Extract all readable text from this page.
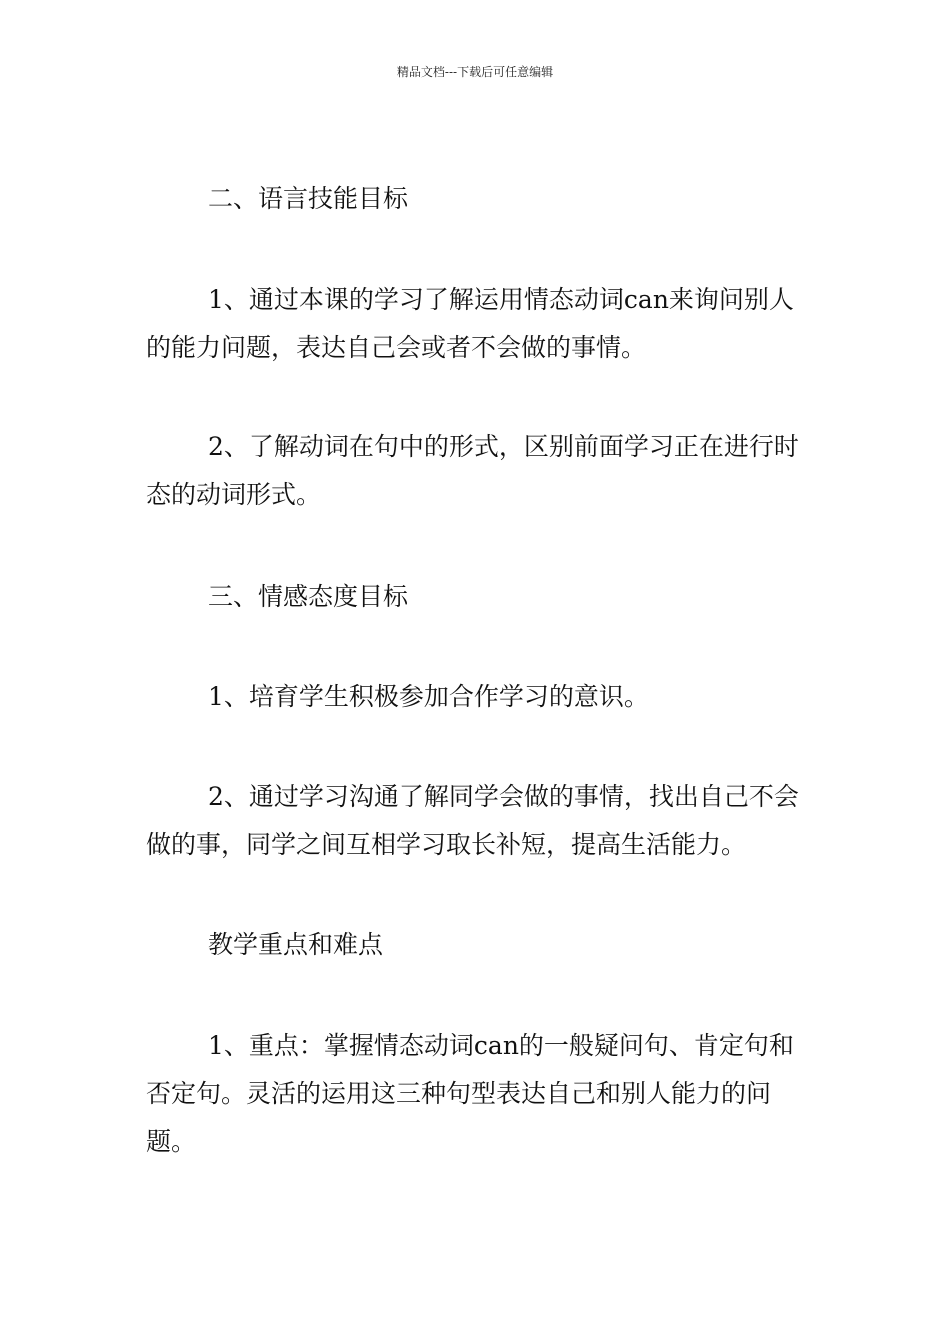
精品文档---下载后可任意编辑

二、语言技能目标

1、通过本课的学习了解运用情态动词can来询问别人的能力问题，表达自己会或者不会做的事情。

2、了解动词在句中的形式，区别前面学习正在进行时态的动词形式。

三、情感态度目标

1、培育学生积极参加合作学习的意识。

2、通过学习沟通了解同学会做的事情，找出自己不会做的事，同学之间互相学习取长补短，提高生活能力。

教学重点和难点

1、重点：掌握情态动词can的一般疑问句、肯定句和否定句。灵活的运用这三种句型表达自己和别人能力的问题。
